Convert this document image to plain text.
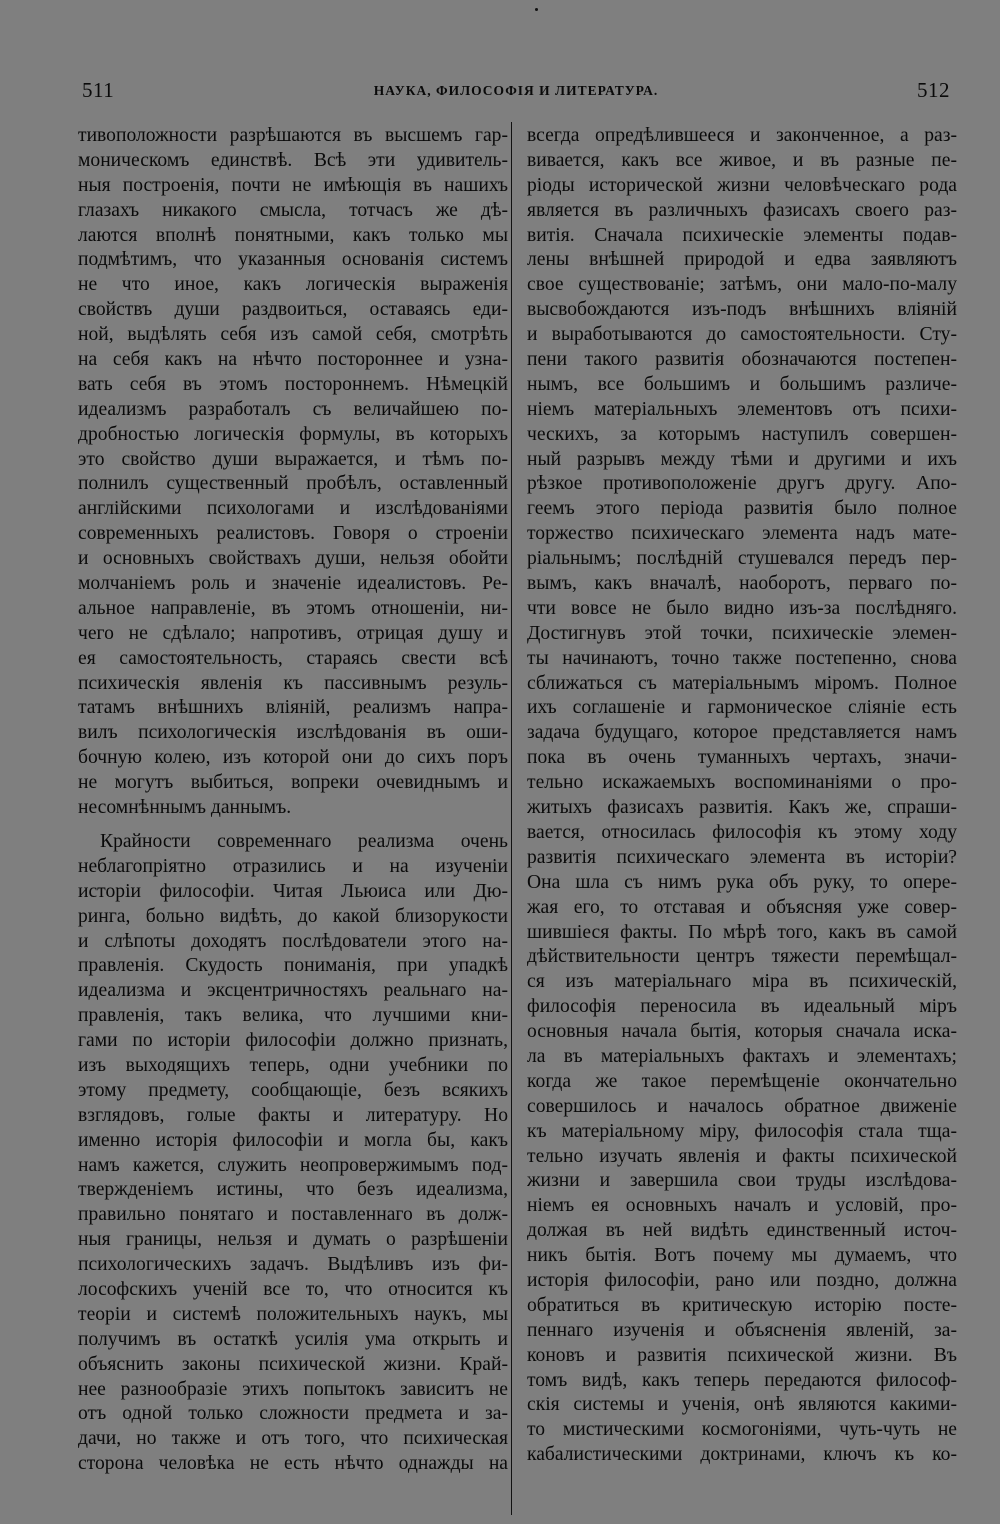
511	НАУКА, ФИЛОСОФІЯ И ЛИТЕРАТУРА.	512
тивоположности разрѣшаются въ высшемъ гар-
моническомъ единствѣ. Всѣ эти удивитель-
ныя построенія, почти не имѣющія въ нашихъ
глазахъ никакого смысла, тотчасъ же дѣ-
лаются вполнѣ понятными, какъ только мы
подмѣтимъ, что указанныя основанія системъ
не что иное, какъ логическія выраженія
свойствъ души раздвоиться, оставаясь еди-
ной, выдѣлять себя изъ самой себя, смотрѣть
на себя какъ на нѣчто постороннее и узна-
вать себя въ этомъ постороннемъ. Нѣмецкій
идеализмъ разработалъ съ величайшею по-
дробностью логическія формулы, въ которыхъ
это свойство души выражается, и тѣмъ по-
полнилъ существенный пробѣлъ, оставленный
англійскими психологами и изслѣдованіями
современныхъ реалистовъ. Говоря о строеніи
и основныхъ свойствахъ души, нельзя обойти
молчаніемъ роль и значеніе идеалистовъ. Ре-
альное направленіе, въ этомъ отношеніи, ни-
чего не сдѣлало; напротивъ, отрицая душу и
ея самостоятельность, стараясь свести всѣ
психическія явленія къ пассивнымъ резуль-
татамъ внѣшнихъ вліяній, реализмъ напра-
вилъ психологическія изслѣдованія въ оши-
бочную колею, изъ которой они до сихъ поръ
не могутъ выбиться, вопреки очевиднымъ и
несомнѣннымъ даннымъ.
Крайности современнаго реализма очень
неблагопріятно отразились и на изученіи
исторіи философіи. Читая Льюиса или Дю-
ринга, больно видѣть, до какой близорукости
и слѣпоты доходятъ послѣдователи этого на-
правленія. Скудость пониманія, при упадкѣ
идеализма и эксцентричностяхъ реальнаго на-
правленія, такъ велика, что лучшими кни-
гами по исторіи философіи должно признать,
изъ выходящихъ теперь, одни учебники по
этому предмету, сообщающіе, безъ всякихъ
взглядовъ, голые факты и литературу. Но
именно исторія философіи и могла бы, какъ
намъ кажется, служить неопровержимымъ под-
твержденіемъ истины, что безъ идеализма,
правильно понятаго и поставленнаго въ долж-
ныя границы, нельзя и думать о разрѣшеніи
психологическихъ задачъ. Выдѣливъ изъ фи-
лософскихъ ученій все то, что относится къ
теоріи и системѣ положительныхъ наукъ, мы
получимъ въ остаткѣ усилія ума открыть и
объяснить законы психической жизни. Край-
нее разнообразіе этихъ попытокъ зависитъ не
отъ одной только сложности предмета и за-
дачи, но также и отъ того, что психическая
сторона человѣка не есть нѣчто однажды на
всегда опредѣлившееся и законченное, а раз-
вивается, какъ все живое, и въ разные пе-
ріоды исторической жизни человѣческаго рода
является въ различныхъ фазисахъ своего раз-
витія. Сначала психическіе элементы подав-
лены внѣшней природой и едва заявляютъ
свое существованіе; затѣмъ, они мало-по-малу
высвобождаются изъ-подъ внѣшнихъ вліяній
и выработываются до самостоятельности. Сту-
пени такого развитія обозначаются постепен-
нымъ, все большимъ и большимъ различе-
ніемъ матеріальныхъ элементовъ отъ психи-
ческихъ, за которымъ наступилъ совершен-
ный разрывъ между тѣми и другими и ихъ
рѣзкое противоположеніе другъ другу. Апо-
геемъ этого періода развитія было полное
торжество психическаго элемента надъ мате-
ріальнымъ; послѣдній стушевался передъ пер-
вымъ, какъ вначалѣ, наоборотъ, перваго по-
чти вовсе не было видно изъ-за послѣдняго.
Достигнувъ этой точки, психическіе элемен-
ты начинаютъ, точно также постепенно, снова
сближаться съ матеріальнымъ міромъ. Полное
ихъ соглашеніе и гармоническое сліяніе есть
задача будущаго, которое представляется намъ
пока въ очень туманныхъ чертахъ, значи-
тельно искажаемыхъ воспоминаніями о про-
житыхъ фазисахъ развитія. Какъ же, спраши-
вается, относилась философія къ этому ходу
развитія психическаго элемента въ исторіи?
Она шла съ нимъ рука объ руку, то опере-
жая его, то отставая и объясняя уже совер-
шившіеся факты. По мѣрѣ того, какъ въ самой
дѣйствительности центръ тяжести перемѣщал-
ся изъ матеріальнаго міра въ психическій,
философія переносила въ идеальный міръ
основныя начала бытія, которыя сначала иска-
ла въ матеріальныхъ фактахъ и элементахъ;
когда же такое перемѣщеніе окончательно
совершилось и началось обратное движеніе
къ матеріальному міру, философія стала тща-
тельно изучать явленія и факты психической
жизни и завершила свои труды изслѣдова-
ніемъ ея основныхъ началъ и условій, про-
должая въ ней видѣть единственный источ-
никъ бытія. Вотъ почему мы думаемъ, что
исторія философіи, рано или поздно, должна
обратиться въ критическую исторію посте-
пеннаго изученія и объясненія явленій, за-
коновъ и развитія психической жизни. Въ
томъ видѣ, какъ теперь передаются философ-
скія системы и ученія, онѣ являются какими-
то мистическими космогоніями, чуть-чуть не
кабалистическими доктринами, ключъ къ ко-
